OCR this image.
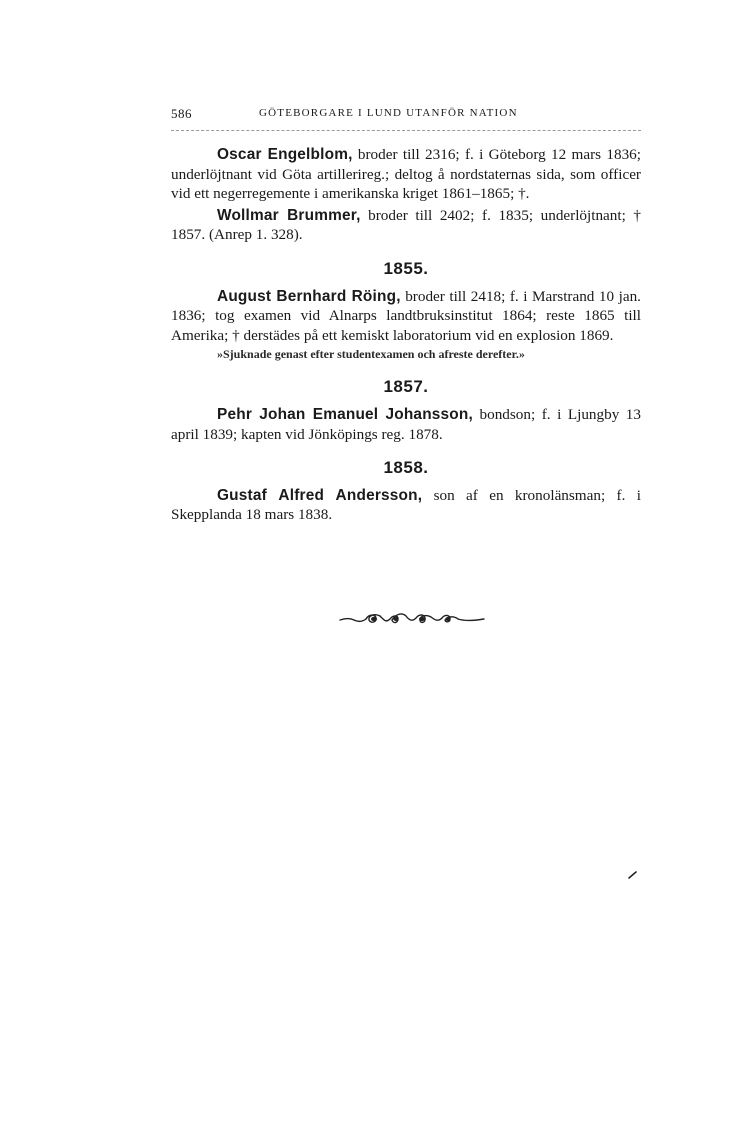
586	GÖTEBORGARE I LUND UTANFÖR NATION

Oscar Engelblom, broder till 2316; f. i Göteborg 12 mars 1836; underlöjtnant vid Göta artillerireg.; deltog å nordstaternas sida, som officer vid ett negerregemente i amerikanska kriget 1861–1865; †.

Wollmar Brummer, broder till 2402; f. 1835; underlöjtnant; † 1857. (Anrep 1. 328).

1855.

August Bernhard Röing, broder till 2418; f. i Marstrand 10 jan. 1836; tog examen vid Alnarps landtbruksinstitut 1864; reste 1865 till Amerika; † derstädes på ett kemiskt laboratorium vid en explosion 1869.

»Sjuknade genast efter studentexamen och afreste derefter.»

1857.

Pehr Johan Emanuel Johansson, bondson; f. i Ljungby 13 april 1839; kapten vid Jönköpings reg. 1878.

1858.

Gustaf Alfred Andersson, son af en kronolänsman; f. i Skepplanda 18 mars 1838.
